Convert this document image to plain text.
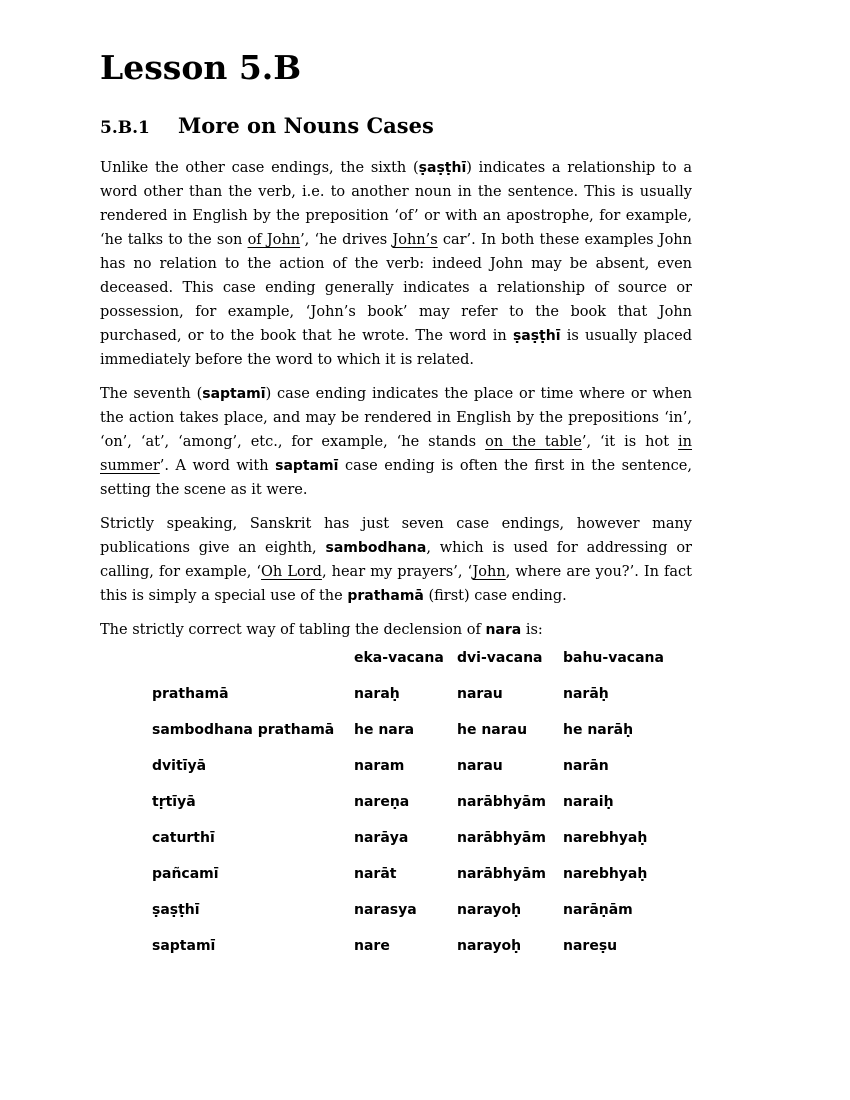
Lesson 5.B
5.B.1 More on Nouns Cases

Unlike the other case endings, the sixth (ṣaṣṭhī) indicates a relationship to a word other than the verb, i.e. to another noun in the sentence. This is usually rendered in English by the preposition ‘of’ or with an apostrophe, for example, ‘he talks to the son of John’, ‘he drives John’s car’. In both these examples John has no relation to the action of the verb: indeed John may be absent, even deceased. This case ending generally indicates a relationship of source or possession, for example, ‘John’s book’ may refer to the book that John purchased, or to the book that he wrote. The word in ṣaṣṭhī is usually placed immediately before the word to which it is related.

The seventh (saptamī) case ending indicates the place or time where or when the action takes place, and may be rendered in English by the prepositions ‘in’, ‘on’, ‘at’, ‘among’, etc., for example, ‘he stands on the table’, ‘it is hot in summer’. A word with saptamī case ending is often the first in the sentence, setting the scene as it were.

Strictly speaking, Sanskrit has just seven case endings, however many publications give an eighth, sambodhana, which is used for addressing or calling, for example, ‘Oh Lord, hear my prayers’, ‘John, where are you?’. In fact this is simply a special use of the prathamā (first) case ending.

The strictly correct way of tabling the declension of nara is:

	eka-vacana	dvi-vacana	bahu-vacana
prathamā	naraḥ	narau	narāḥ
sambodhana prathamā	he nara	he narau	he narāḥ
dvitīyā	naram	narau	narān
tṛtīyā	nareṇa	narābhyām	naraiḥ
caturthī	narāya	narābhyām	narebhyaḥ
pañcamī	narāt	narābhyām	narebhyaḥ
ṣaṣṭhī	narasya	narayoḥ	narāṇām
saptamī	nare	narayoḥ	nareṣu
